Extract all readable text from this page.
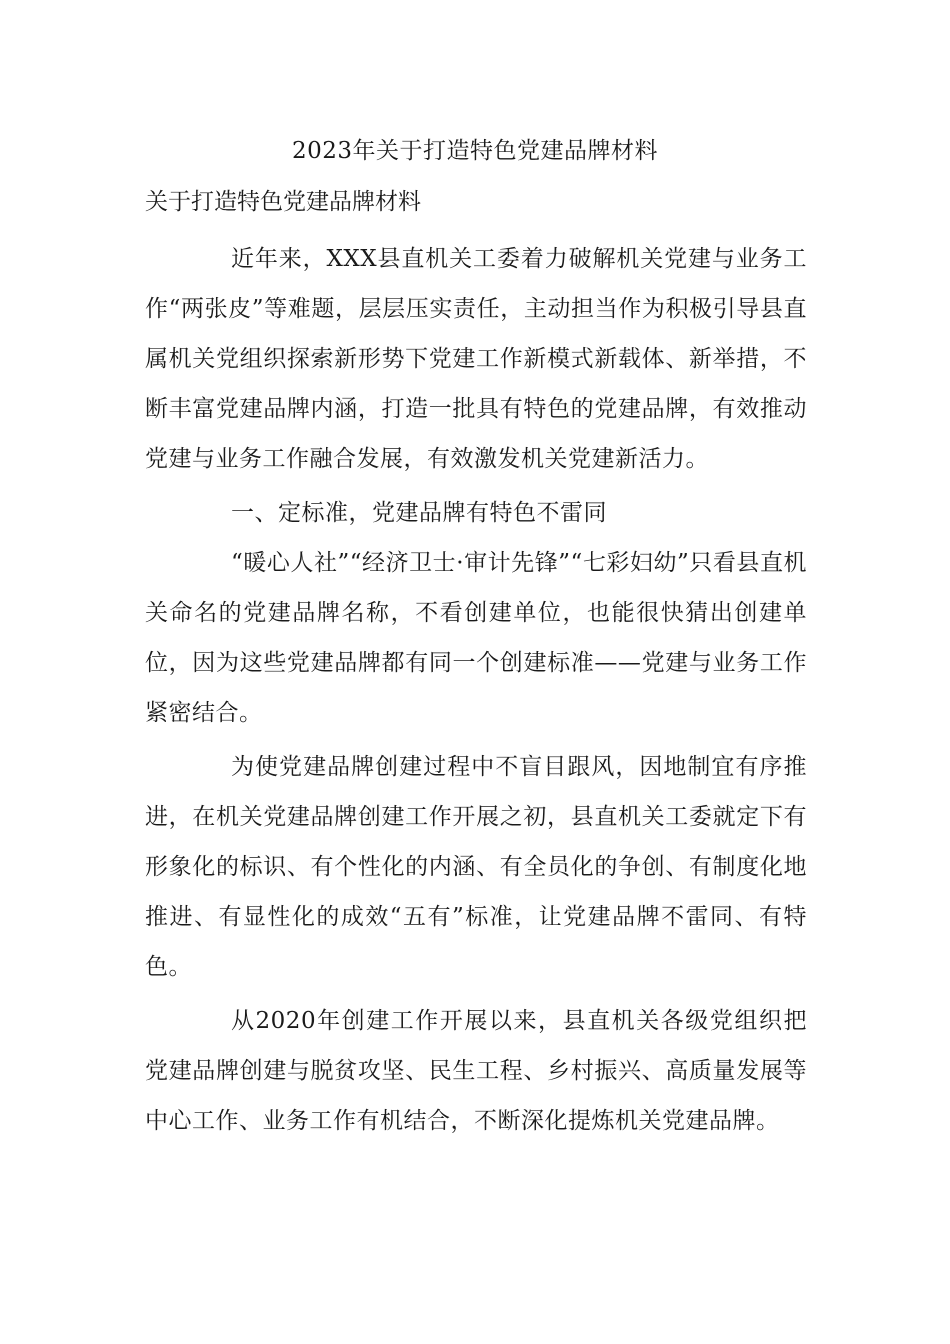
2023年关于打造特色党建品牌材料
关于打造特色党建品牌材料

近年来，XXX县直机关工委着力破解机关党建与业务工作“两张皮”等难题，层层压实责任，主动担当作为积极引导县直属机关党组织探索新形势下党建工作新模式新载体、新举措，不断丰富党建品牌内涵，打造一批具有特色的党建品牌，有效推动党建与业务工作融合发展，有效激发机关党建新活力。

一、定标准，党建品牌有特色不雷同

“暖心人社”“经济卫士·审计先锋”“七彩妇幼”只看县直机关命名的党建品牌名称，不看创建单位，也能很快猜出创建单位，因为这些党建品牌都有同一个创建标准——党建与业务工作紧密结合。

为使党建品牌创建过程中不盲目跟风，因地制宜有序推进，在机关党建品牌创建工作开展之初，县直机关工委就定下有形象化的标识、有个性化的内涵、有全员化的争创、有制度化地推进、有显性化的成效“五有”标准，让党建品牌不雷同、有特色。

从2020年创建工作开展以来，县直机关各级党组织把党建品牌创建与脱贫攻坚、民生工程、乡村振兴、高质量发展等中心工作、业务工作有机结合，不断深化提炼机关党建品牌。
